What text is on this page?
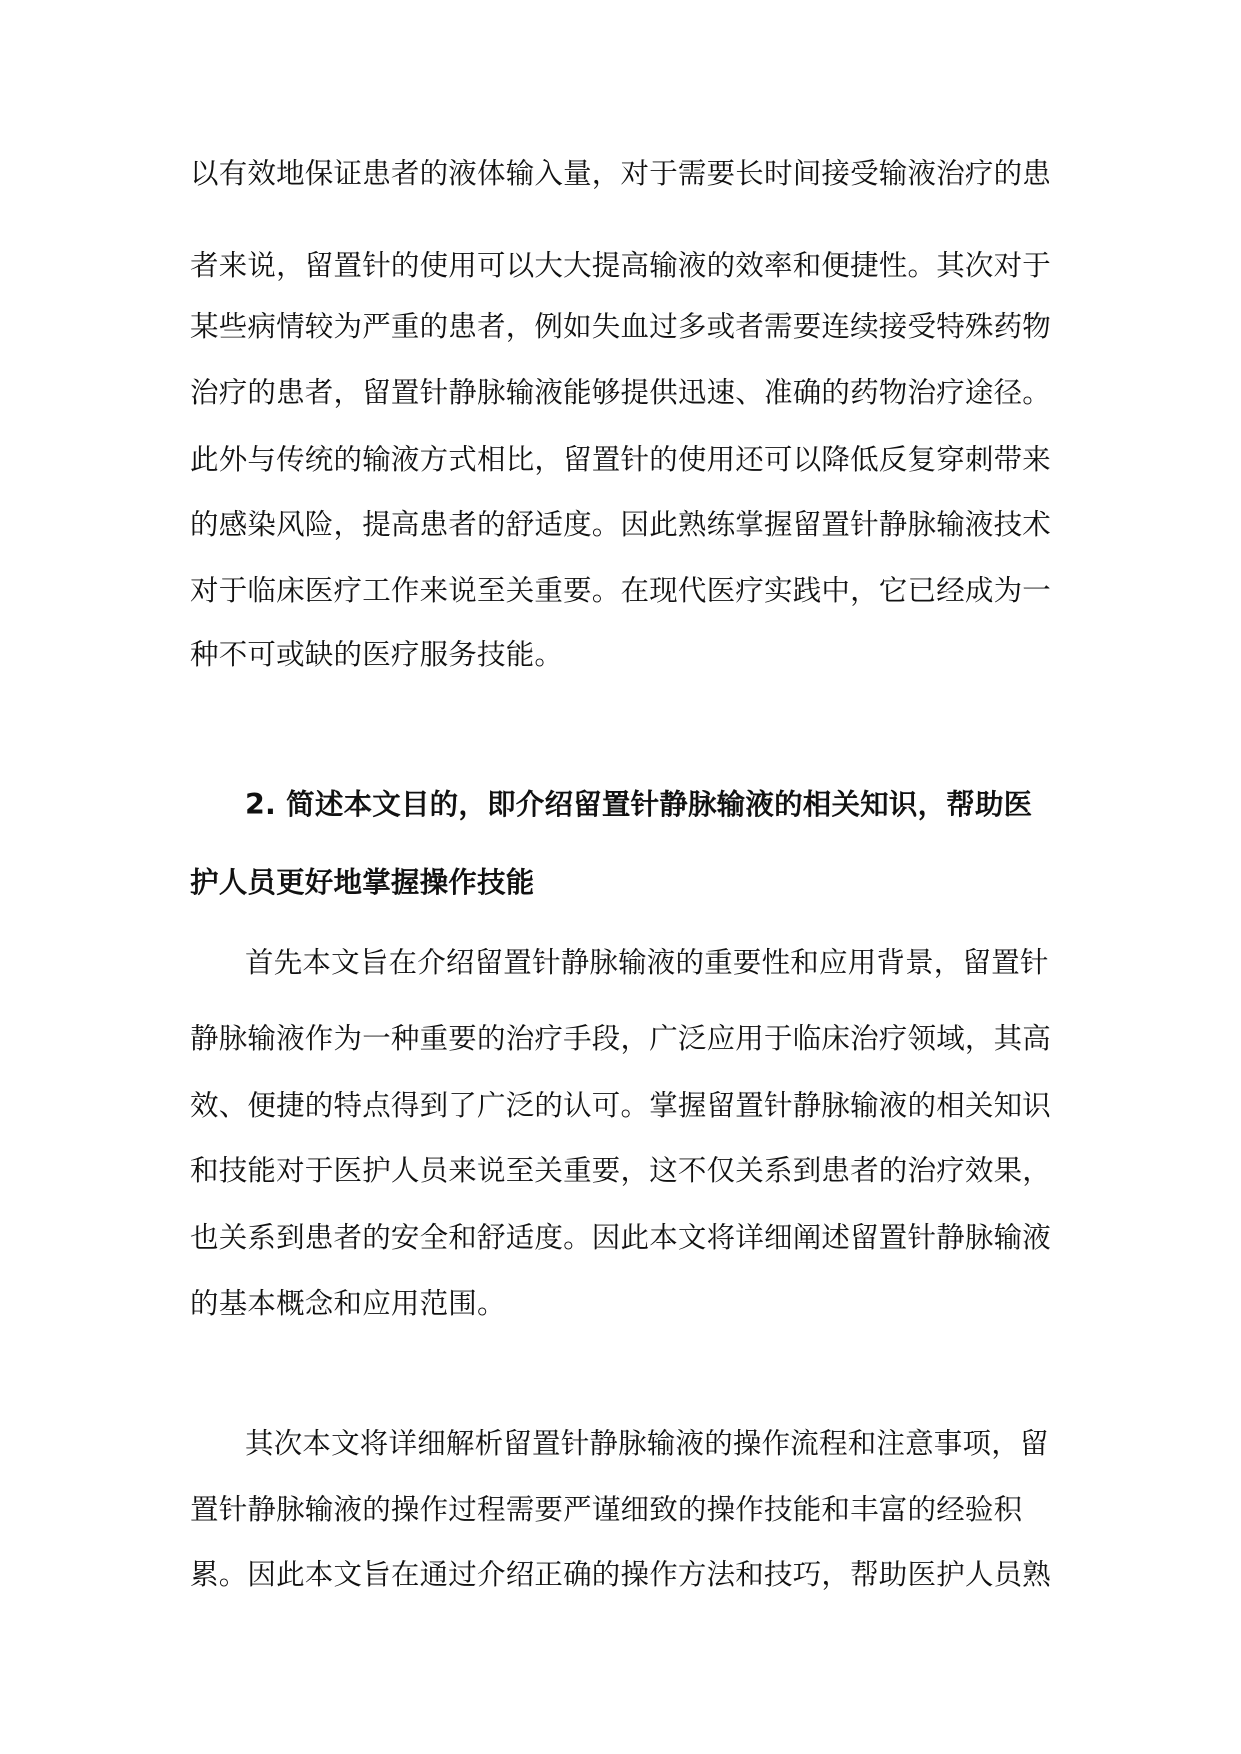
以有效地保证患者的液体输入量，对于需要长时间接受输液治疗的患
者来说，留置针的使用可以大大提高输液的效率和便捷性。其次对于
某些病情较为严重的患者，例如失血过多或者需要连续接受特殊药物
治疗的患者，留置针静脉输液能够提供迅速、准确的药物治疗途径。
此外与传统的输液方式相比，留置针的使用还可以降低反复穿刺带来
的感染风险，提高患者的舒适度。因此熟练掌握留置针静脉输液技术
对于临床医疗工作来说至关重要。在现代医疗实践中，它已经成为一
种不可或缺的医疗服务技能。
2. 简述本文目的，即介绍留置针静脉输液的相关知识，帮助医
护人员更好地掌握操作技能
首先本文旨在介绍留置针静脉输液的重要性和应用背景，留置针
静脉输液作为一种重要的治疗手段，广泛应用于临床治疗领域，其高
效、便捷的特点得到了广泛的认可。掌握留置针静脉输液的相关知识
和技能对于医护人员来说至关重要，这不仅关系到患者的治疗效果，
也关系到患者的安全和舒适度。因此本文将详细阐述留置针静脉输液
的基本概念和应用范围。
其次本文将详细解析留置针静脉输液的操作流程和注意事项，留
置针静脉输液的操作过程需要严谨细致的操作技能和丰富的经验积
累。因此本文旨在通过介绍正确的操作方法和技巧，帮助医护人员熟
